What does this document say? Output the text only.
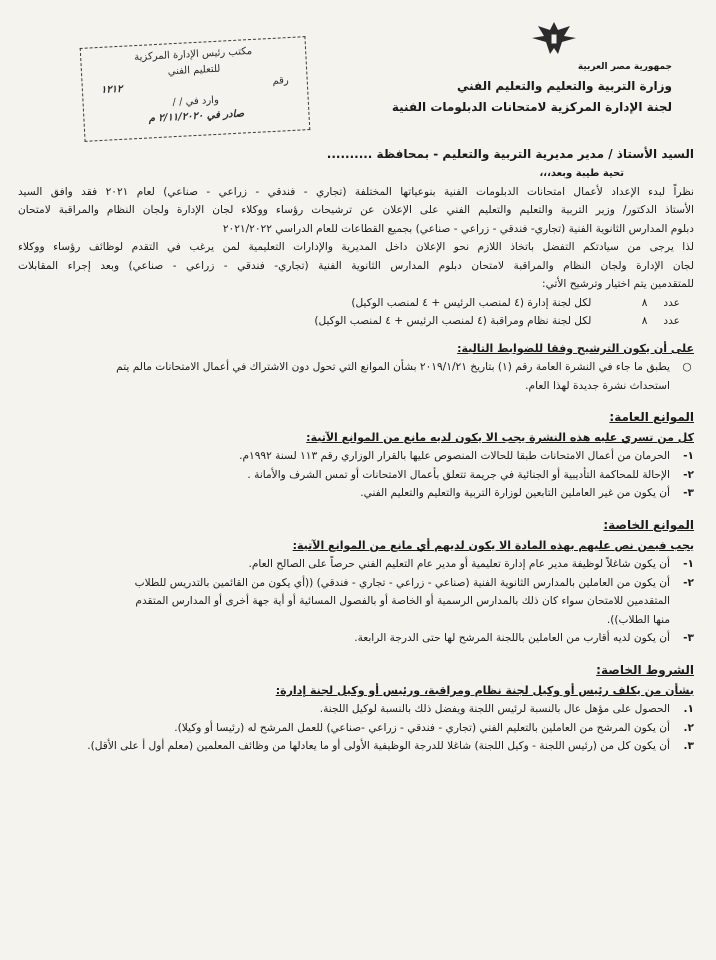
جمهورية مصر العربية
وزارة التربية والتعليم والتعليم الفني
لجنة الإدارة المركزية لامتحانات الدبلومات الفنية
مكتب رئيس الإدارة المركزية
للتعليم الفني
رقم
١٢١٢
وارد في / /
صادر في ٢/١١/٢٠٢٠ م
السيد الأستاذ / مدير مديرية التربية والتعليم - بمحافظة ..........
تحية طيبة وبعد،،،

نظراً لبدء الإعداد لأعمال امتحانات الدبلومات الفنية بنوعياتها المختلفة (تجاري - فندقي - زراعي - صناعي) لعام ٢٠٢١ فقد وافق السيد

الأستاذ الدكتور/ وزير التربية والتعليم والتعليم الفني على الإعلان عن ترشيحات رؤساء ووكلاء لجان الإدارة ولجان النظام والمراقبة لامتحان

دبلوم المدارس الثانوية الفنية (تجاري- فندقي - زراعي - صناعي) بجميع القطاعات للعام الدراسي ٢٠٢١/٢٠٢٢

لذا يرجى من سيادتكم التفضل باتخاذ اللازم نحو الإعلان داخل المديرية والإدارات التعليمية لمن يرغب في التقدم لوظائف رؤساء ووكلاء

لجان الإدارة ولجان النظام والمراقبة لامتحان دبلوم المدارس الثانوية الفنية (تجاري- فندقي - زراعي - صناعي) وبعد إجراء المقابلات

للمتقدمين يتم اختيار وترشيح الأتي:

عدد
٨
لكل لجنة إدارة (٤ لمنصب الرئيس + ٤ لمنصب الوكيل)
عدد
٨
لكل لجنة نظام ومراقبة (٤ لمنصب الرئيس + ٤ لمنصب الوكيل)
على أن يكون الترشيح وفقا للضوابط التالية:
○
يطبق ما جاء في النشرة العامة رقم (١) بتاريخ ٢٠١٩/١/٢١ بشأن الموانع التي تحول دون الاشتراك في أعمال الامتحانات مالم يتم
استحداث نشرة جديدة لهذا العام.
الموانع العامة:
كل من تسري عليه هذه النشرة يجب الا يكون لديه مانع من الموانع الآتية:
١-
الحرمان من أعمال الامتحانات طبقا للحالات المنصوص عليها بالقرار الوزاري رقم ١١٣ لسنة ١٩٩٢م.
٢-
الإحالة للمحاكمة التأديبية أو الجنائية في جريمة تتعلق بأعمال الامتحانات أو تمس الشرف والأمانة .
٣-
أن يكون من غير العاملين التابعين لوزارة التربية والتعليم والتعليم الفني.
الموانع الخاصة:
يجب فيمن نص عليهم بهذه المادة الا يكون لديهم أي مانع من الموانع الآتية:
١-
أن يكون شاغلاً لوظيفة مدير عام إدارة تعليمية أو مدير عام التعليم الفني حرصاً على الصالح العام.
٢-
أن يكون من العاملين بالمدارس الثانوية الفنية (صناعي - زراعي - تجاري - فندقي) ((أي يكون من القائمين بالتدريس للطلاب
المتقدمين للامتحان سواء كان ذلك بالمدارس الرسمية أو الخاصة أو بالفصول المسائية أو أية جهة أخرى أو المدارس المتقدم
منها الطلاب)).
٣-
أن يكون لديه أقارب من العاملين باللجنة المرشح لها حتى الدرجة الرابعة.
الشروط الخاصة:
بشأن من يكلف رئيس أو وكيل لجنة نظام ومراقبة، ورئيس أو وكيل لجنة إدارة:
١.
الحصول على مؤهل عال بالنسبة لرئيس اللجنة ويفضل ذلك بالنسبة لوكيل اللجنة.
٢.
أن يكون المرشح من العاملين بالتعليم الفني (تجاري - فندقي - زراعي -صناعي) للعمل المرشح له (رئيسا أو وكيلا).
٣.
أن يكون كل من (رئيس اللجنة - وكيل اللجنة) شاغلا للدرجة الوظيفية الأولى أو ما يعادلها من وظائف المعلمين (معلم أول أ على الأقل).
